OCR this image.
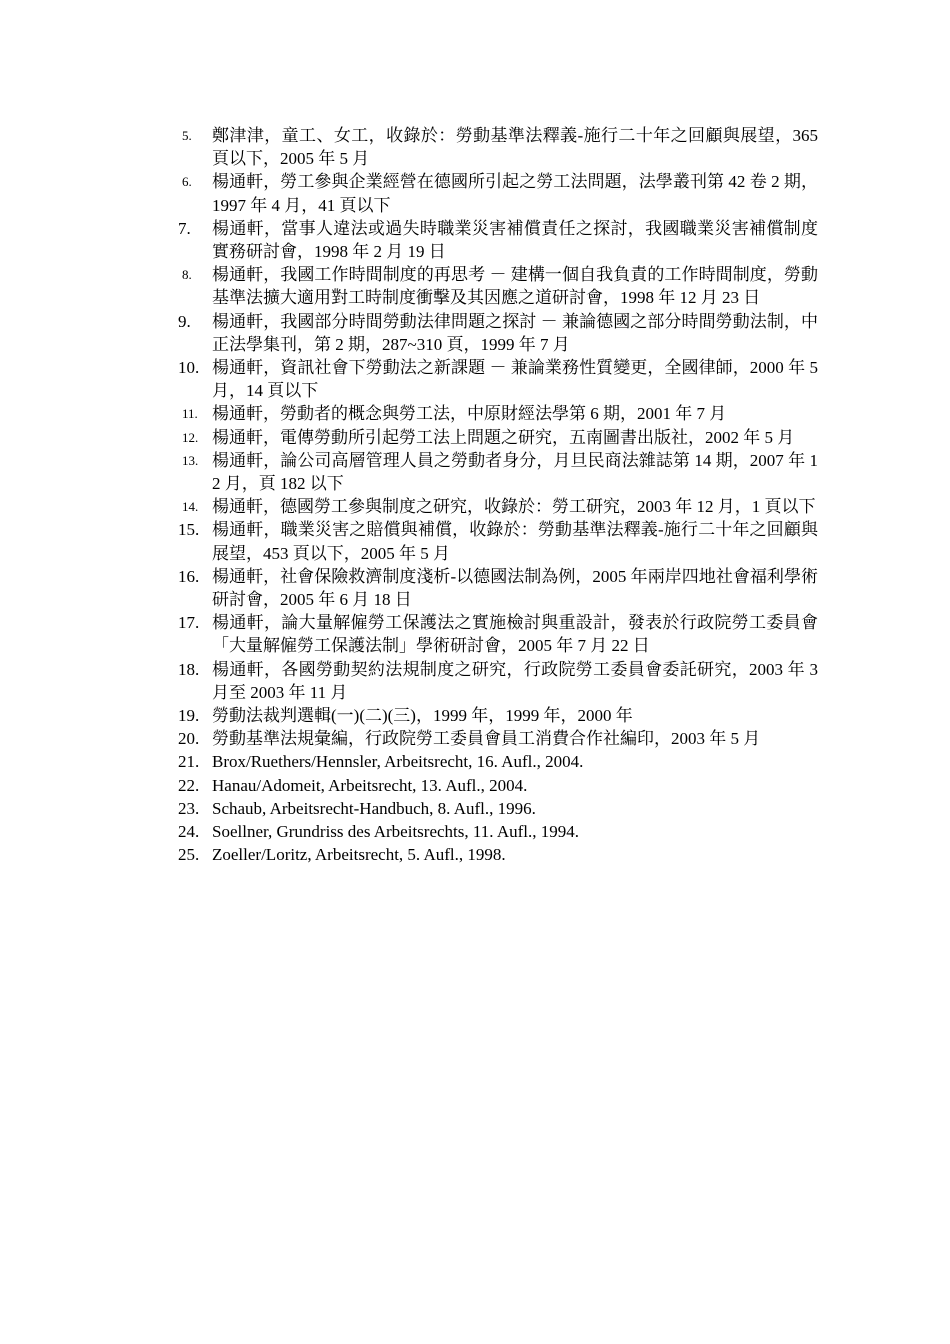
5.	鄭津津，童工、女工，收錄於：勞動基準法釋義-施行二十年之回顧與展望，365 頁以下，2005 年 5 月
6.	楊通軒，勞工參與企業經營在德國所引起之勞工法問題，法學叢刊第 42 卷 2 期，1997 年 4 月，41 頁以下
7.	楊通軒，當事人違法或過失時職業災害補償責任之探討，我國職業災害補償制度實務研討會，1998 年 2 月 19 日
8.	楊通軒，我國工作時間制度的再思考 － 建構一個自我負責的工作時間制度，勞動基準法擴大適用對工時制度衝擊及其因應之道研討會，1998 年 12 月 23 日
9.	楊通軒，我國部分時間勞動法律問題之探討 － 兼論德國之部分時間勞動法制，中正法學集刊，第 2 期，287~310 頁，1999 年 7 月
10. 楊通軒，資訊社會下勞動法之新課題 － 兼論業務性質變更，全國律師，2000 年 5 月，14 頁以下
11. 楊通軒，勞動者的概念與勞工法，中原財經法學第 6 期，2001 年 7 月
12. 楊通軒，電傳勞動所引起勞工法上問題之研究，五南圖書出版社，2002 年 5 月
13. 楊通軒，論公司高層管理人員之勞動者身分，月旦民商法雜誌第 14 期，2007 年 12 月，頁 182 以下
14. 楊通軒，德國勞工參與制度之研究，收錄於：勞工研究，2003 年 12 月，1 頁以下
15. 楊通軒，職業災害之賠償與補償，收錄於：勞動基準法釋義-施行二十年之回顧與展望，453 頁以下，2005 年 5 月
16. 楊通軒，社會保險救濟制度淺析-以德國法制為例，2005 年兩岸四地社會福利學術研討會，2005 年 6 月 18 日
17. 楊通軒，論大量解僱勞工保護法之實施檢討與重設計，發表於行政院勞工委員會「大量解僱勞工保護法制」學術研討會，2005 年 7 月 22 日
18. 楊通軒，各國勞動契約法規制度之研究，行政院勞工委員會委託研究，2003 年 3 月至 2003 年 11 月
19. 勞動法裁判選輯(一)(二)(三)，1999 年，1999 年，2000 年
20. 勞動基準法規彙編，行政院勞工委員會員工消費合作社編印，2003 年 5 月
21. Brox/Ruethers/Hennsler, Arbeitsrecht, 16. Aufl., 2004.
22. Hanau/Adomeit, Arbeitsrecht, 13. Aufl., 2004.
23. Schaub, Arbeitsrecht-Handbuch, 8. Aufl., 1996.
24. Soellner, Grundriss des Arbeitsrechts, 11. Aufl., 1994.
25. Zoeller/Loritz, Arbeitsrecht, 5. Aufl., 1998.
